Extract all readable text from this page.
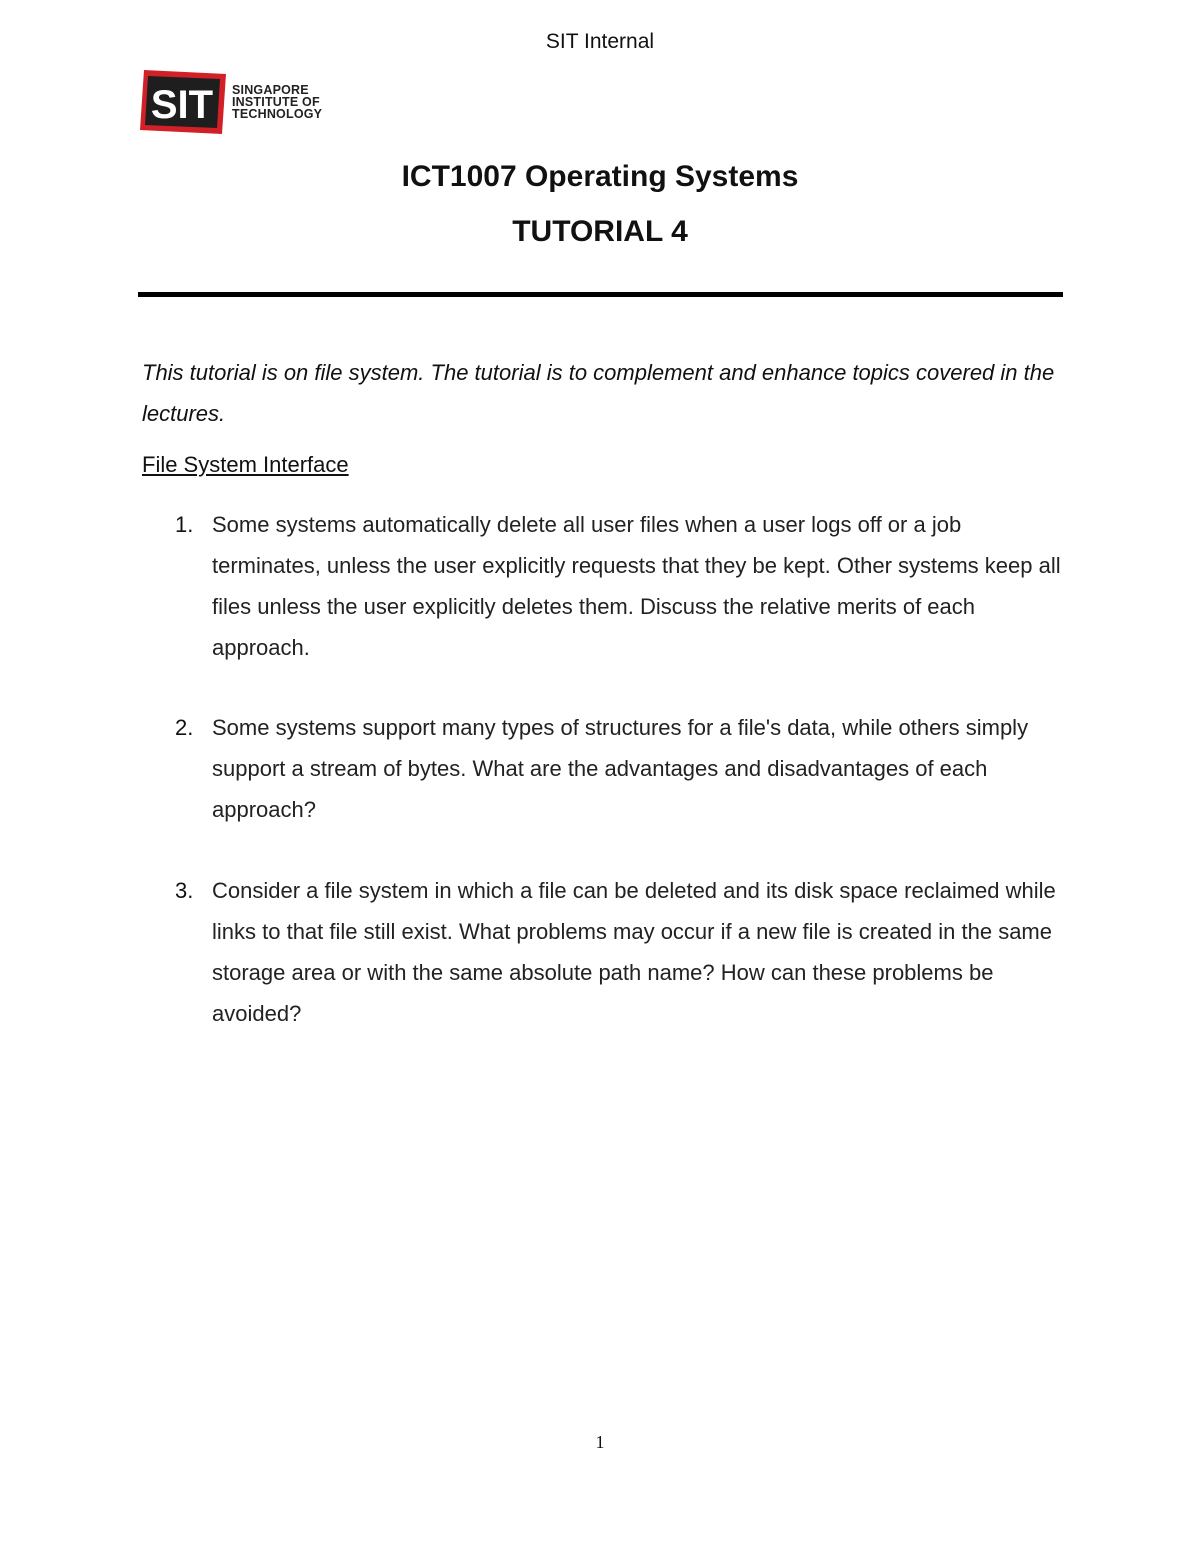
SIT Internal
SIT SINGAPORE
INSTITUTE OF
TECHNOLOGY
ICT1007 Operating Systems
TUTORIAL 4
This tutorial is on file system. The tutorial is to complement and enhance topics covered in the lectures.
File System Interface
1. Some systems automatically delete all user files when a user logs off or a job terminates, unless the user explicitly requests that they be kept. Other systems keep all files unless the user explicitly deletes them. Discuss the relative merits of each approach.
2. Some systems support many types of structures for a file's data, while others simply support a stream of bytes. What are the advantages and disadvantages of each approach?
3. Consider a file system in which a file can be deleted and its disk space reclaimed while links to that file still exist. What problems may occur if a new file is created in the same storage area or with the same absolute path name? How can these problems be avoided?
1
